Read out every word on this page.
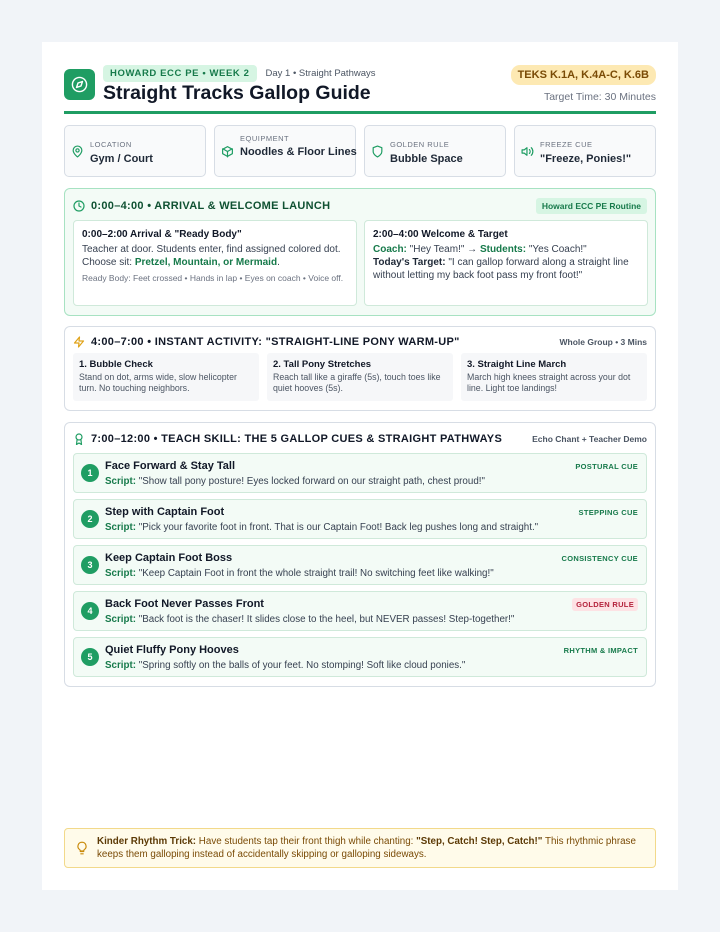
HOWARD ECC PE • WEEK 2	Day 1 • Straight Pathways
Straight Tracks Gallop Guide
TEKS K.1A, K.4A-C, K.6B
Target Time: 30 Minutes
LOCATION
Gym / Court
EQUIPMENT
Noodles & Floor Lines
GOLDEN RULE
Bubble Space
FREEZE CUE
"Freeze, Ponies!"
0:00–4:00 • ARRIVAL & WELCOME LAUNCH	Howard ECC PE Routine
0:00–2:00 Arrival & "Ready Body"

Teacher at door. Students enter, find assigned colored dot. Choose sit: Pretzel, Mountain, or Mermaid.

Ready Body: Feet crossed • Hands in lap • Eyes on coach • Voice off.
2:00–4:00 Welcome & Target

Coach: "Hey Team!" → Students: "Yes Coach!"

Today's Target: "I can gallop forward along a straight line without letting my back foot pass my front foot!"

4:00–7:00 • INSTANT ACTIVITY: "STRAIGHT-LINE PONY WARM-UP"	Whole Group • 3 Mins
1. Bubble Check

Stand on dot, arms wide, slow helicopter turn. No touching neighbors.

2. Tall Pony Stretches

Reach tall like a giraffe (5s), touch toes like quiet hooves (5s).

3. Straight Line March

March high knees straight across your dot line. Light toe landings!

7:00–12:00 • TEACH SKILL: THE 5 GALLOP CUES & STRAIGHT PATHWAYS	Echo Chant + Teacher Demo
1
Face Forward & Stay Tall
Script: "Show tall pony posture! Eyes locked forward on our straight path, chest proud!"
POSTURAL CUE
2
Step with Captain Foot
Script: "Pick your favorite foot in front. That is our Captain Foot! Back leg pushes long and straight."
STEPPING CUE
3
Keep Captain Foot Boss
Script: "Keep Captain Foot in front the whole straight trail! No switching feet like walking!"
CONSISTENCY CUE
4
Back Foot Never Passes Front
Script: "Back foot is the chaser! It slides close to the heel, but NEVER passes! Step-together!"
GOLDEN RULE
5
Quiet Fluffy Pony Hooves
Script: "Spring softly on the balls of your feet. No stomping! Soft like cloud ponies."
RHYTHM & IMPACT

Kinder Rhythm Trick: Have students tap their front thigh while chanting: "Step, Catch! Step, Catch!" This rhythmic phrase keeps them galloping instead of accidentally skipping or galloping sideways.
